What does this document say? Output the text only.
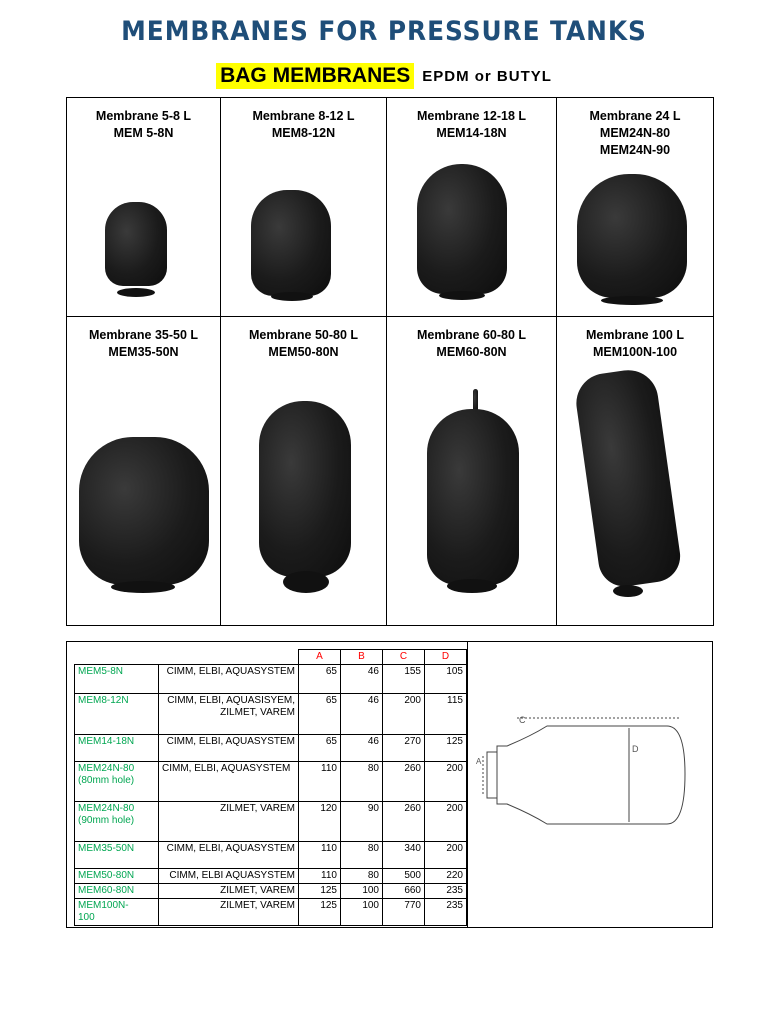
MEMBRANES FOR PRESSURE TANKS
BAG MEMBRANES EPDM or BUTYL
Membrane 5-8 L
MEM 5-8N
Membrane 8-12 L
MEM8-12N
Membrane 12-18 L
MEM14-18N
Membrane 24 L
MEM24N-80
MEM24N-90
Membrane 35-50 L
MEM35-50N
Membrane 50-80 L
MEM50-80N
Membrane 60-80 L
MEM60-80N
Membrane 100 L
MEM100N-100
		A	B	C	D
MEM5-8N	CIMM, ELBI, AQUASYSTEM	65	46	155	105
MEM8-12N	CIMM, ELBI, AQUASISYEM, ZILMET, VAREM	65	46	200	115
MEM14-18N	CIMM, ELBI, AQUASYSTEM	65	46	270	125
MEM24N-80
(80mm hole)	CIMM, ELBI, AQUASYSTEM	110	80	260	200
MEM24N-80
(90mm hole)	ZILMET, VAREM	120	90	260	200
MEM35-50N	CIMM, ELBI, AQUASYSTEM	110	80	340	200
MEM50-80N	CIMM, ELBI AQUASYSTEM	110	80	500	220
MEM60-80N	ZILMET, VAREM	125	100	660	235
MEM100N-
100	ZILMET, VAREM	125	100	770	235
C
D
A
